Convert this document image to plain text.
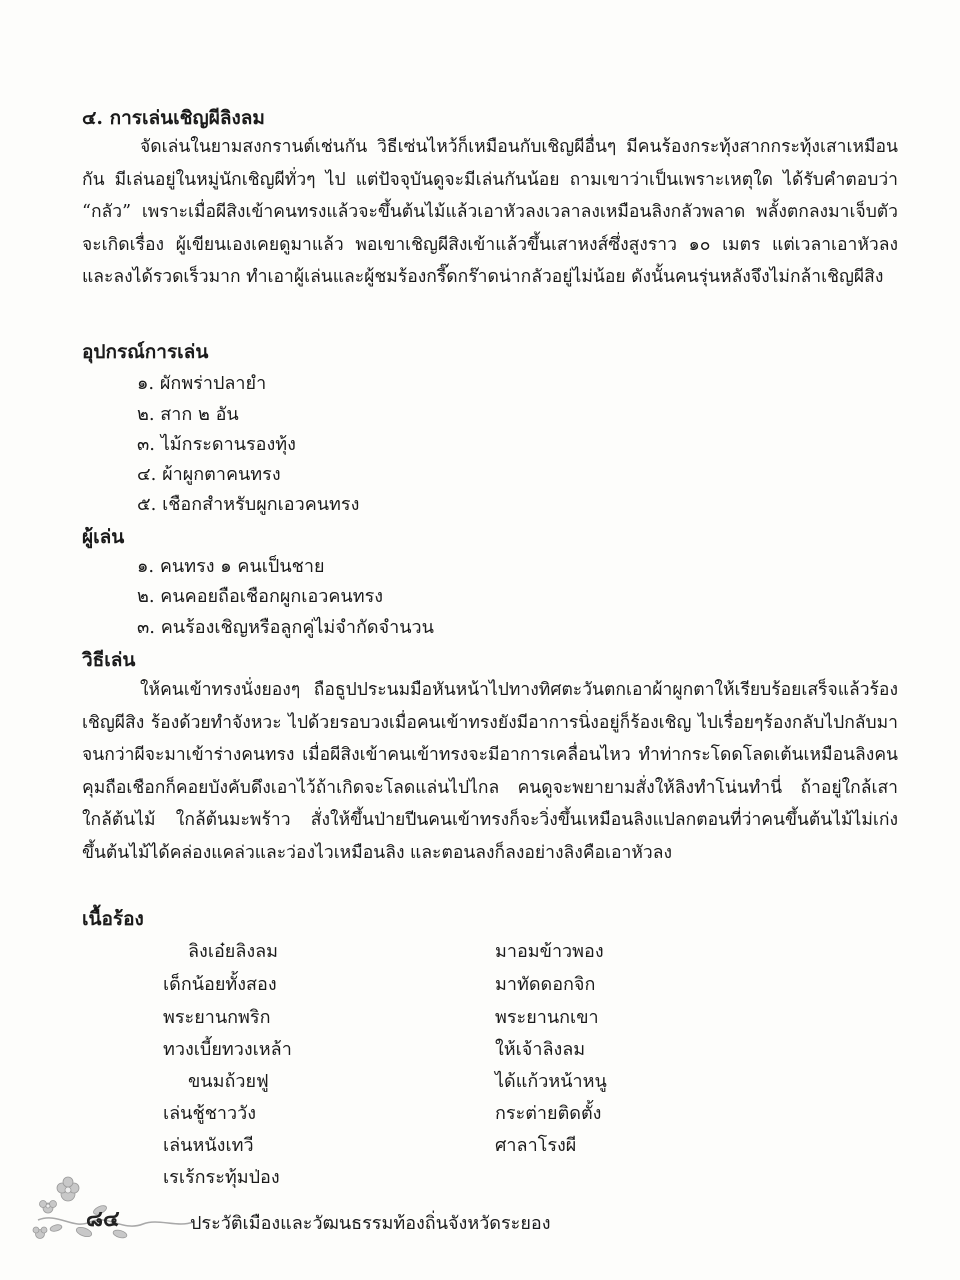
๔. การเล่นเชิญผีลิงลม

จัดเล่นในยามสงกรานต์เช่นกัน วิธีเซ่นไหว้ก็เหมือนกับเชิญผีอื่นๆ มีคนร้องกระทุ้งสากกระทุ้งเสาเหมือนกัน มีเล่นอยู่ในหมู่นักเชิญผีทั่วๆ ไป แต่ปัจจุบันดูจะมีเล่นกันน้อย ถามเขาว่าเป็นเพราะเหตุใด ได้รับคำตอบว่า “กลัว” เพราะเมื่อผีสิงเข้าคนทรงแล้วจะขึ้นต้นไม้แล้วเอาหัวลงเวลาลงเหมือนลิงกลัวพลาด พลั้งตกลงมาเจ็บตัวจะเกิดเรื่อง ผู้เขียนเองเคยดูมาแล้ว พอเขาเชิญผีสิงเข้าแล้วขึ้นเสาหงส์ซึ่งสูงราว ๑๐ เมตร แต่เวลาเอาหัวลง และลงได้รวดเร็วมาก ทำเอาผู้เล่นและผู้ชมร้องกรี๊ดกร๊าดน่ากลัวอยู่ไม่น้อย ดังนั้นคนรุ่นหลังจึงไม่กล้าเชิญผีสิง

อุปกรณ์การเล่น
๑. ผักพร่าปลายำ
๒. สาก ๒ อัน
๓. ไม้กระดานรองทุ้ง
๔. ผ้าผูกตาคนทรง
๕. เชือกสำหรับผูกเอวคนทรง
ผู้เล่น
๑. คนทรง ๑ คนเป็นชาย
๒. คนคอยถือเชือกผูกเอวคนทรง
๓. คนร้องเชิญหรือลูกคู่ไม่จำกัดจำนวน
วิธีเล่น

ให้คนเข้าทรงนั่งยองๆ ถือธูปประนมมือหันหน้าไปทางทิศตะวันตกเอาผ้าผูกตาให้เรียบร้อยเสร็จแล้วร้องเชิญผีสิง ร้องด้วยทำจังหวะ ไปด้วยรอบวงเมื่อคนเข้าทรงยังมีอาการนิ่งอยู่ก็ร้องเชิญ ไปเรื่อยๆร้องกลับไปกลับมาจนกว่าผีจะมาเข้าร่างคนทรง เมื่อผีสิงเข้าคนเข้าทรงจะมีอาการเคลื่อนไหว ทำท่ากระโดดโลดเต้นเหมือนลิงคนคุมถือเชือกก็คอยบังคับดึงเอาไว้ถ้าเกิดจะโลดแล่นไปไกล คนดูจะพยายามสั่งให้ลิงทำโน่นทำนี่ ถ้าอยู่ใกล้เสา ใกล้ต้นไม้ ใกล้ต้นมะพร้าว สั่งให้ขึ้นป่ายปีนคนเข้าทรงก็จะวิ่งขึ้นเหมือนลิงแปลกตอนที่ว่าคนขึ้นต้นไม้ไม่เก่ง ขึ้นต้นไม้ได้คล่องแคล่วและว่องไวเหมือนลิง และตอนลงก็ลงอย่างลิงคือเอาหัวลง

เนื้อร้อง
ลิงเอ๋ยลิงลม
เด็กน้อยทั้งสอง
พระยานกพริก
ทวงเบี้ยทวงเหล้า
ขนมถ้วยฟู
เล่นชู้ชาววัง
เล่นหนังเทวี
เรเร้กระทุ้มป่อง
มาอมข้าวพอง
มาทัดดอกจิก
พระยานกเขา
ให้เจ้าลิงลม
ได้แก้วหน้าหนู
กระต่ายติดตั้ง
ศาลาโรงผี
๘๔	ประวัติเมืองและวัฒนธรรมท้องถิ่นจังหวัดระยอง
